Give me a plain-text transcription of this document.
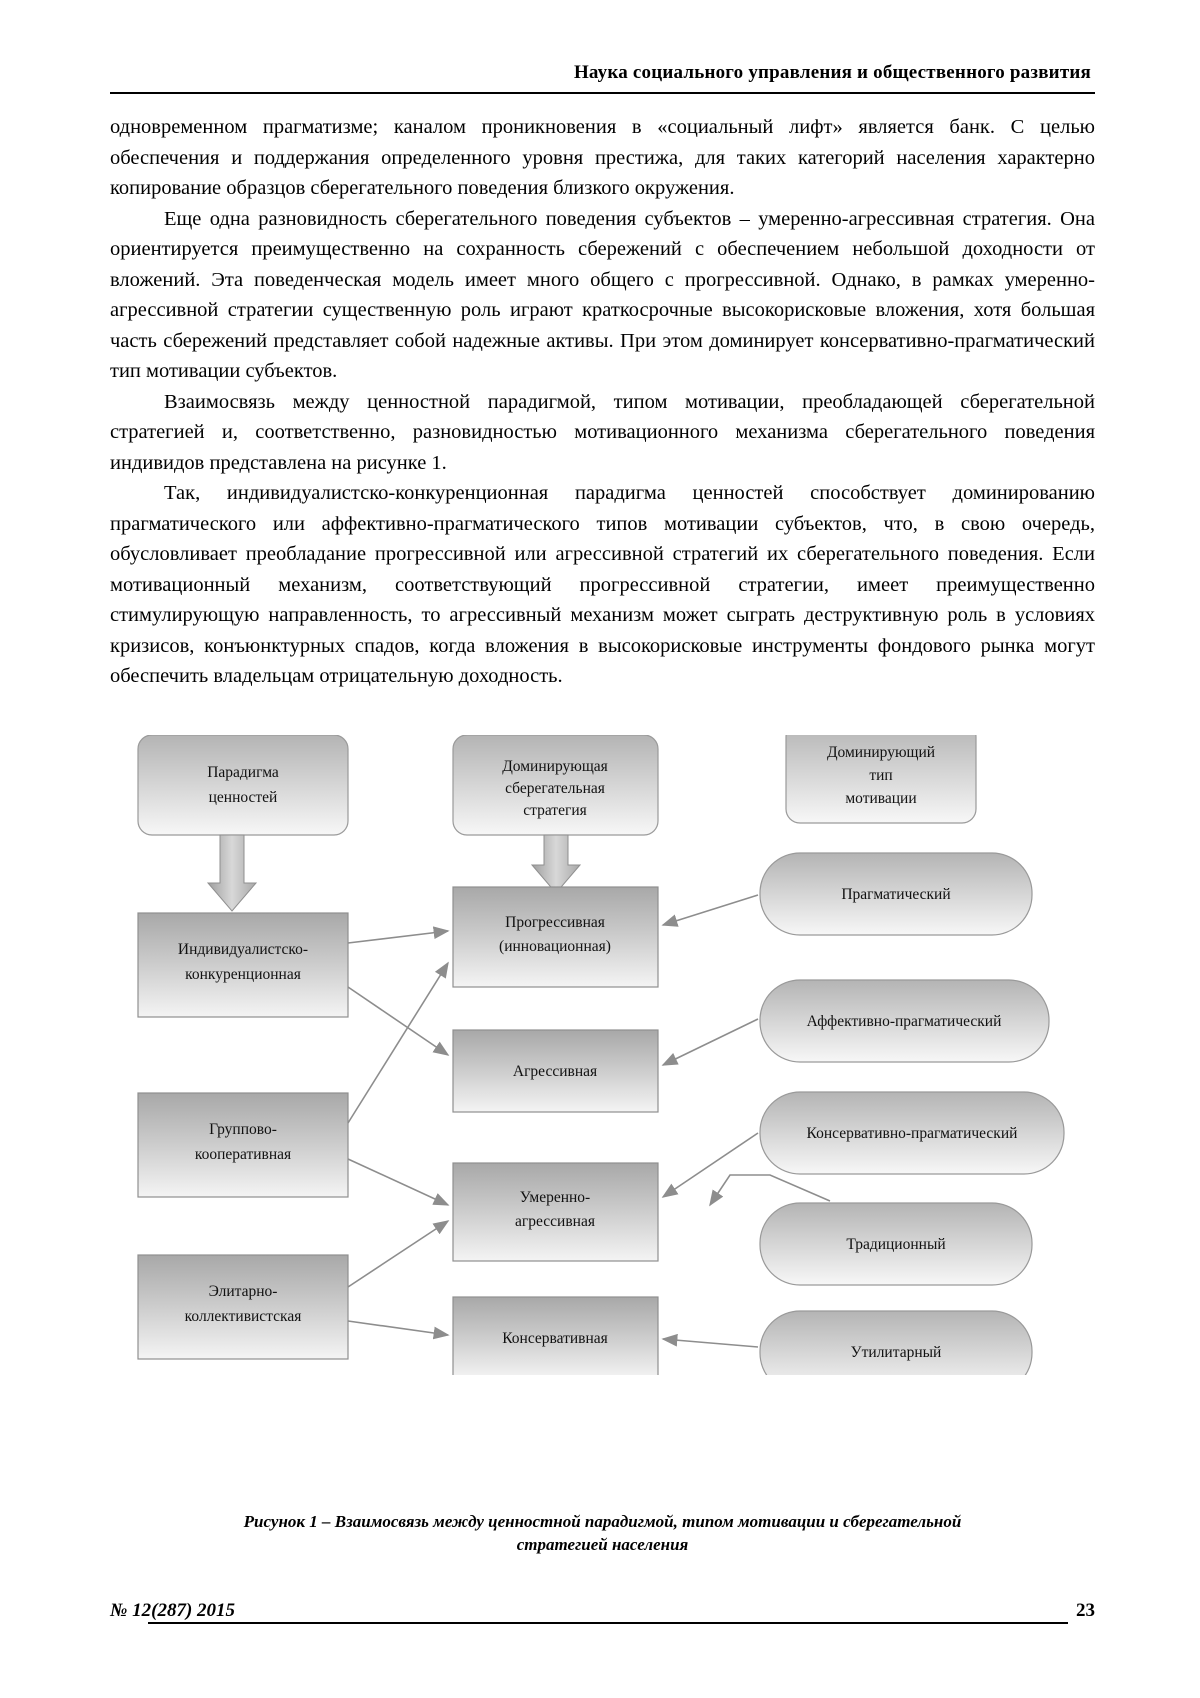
Наука социального управления и общественного развития

одновременном прагматизме; каналом проникновения в «социальный лифт» является банк. С целью обеспечения и поддержания определенного уровня престижа, для таких категорий населения характерно копирование образцов сберегательного поведения близкого окружения.

Еще одна разновидность сберегательного поведения субъектов – умеренно-агрессивная стратегия. Она ориентируется преимущественно на сохранность сбережений с обеспечением небольшой доходности от вложений. Эта поведенческая модель имеет много общего с прогрессивной. Однако, в рамках умеренно-агрессивной стратегии существенную роль играют краткосрочные высокорисковые вложения, хотя большая часть сбережений представляет собой надежные активы. При этом доминирует консервативно-прагматический тип мотивации субъектов.

Взаимосвязь между ценностной парадигмой, типом мотивации, преобладающей сберегательной стратегией и, соответственно, разновидностью мотивационного механизма сберегательного поведения индивидов представлена на рисунке 1.

Так, индивидуалистско-конкуренционная парадигма ценностей способствует доминированию прагматического или аффективно-прагматического типов мотивации субъектов, что, в свою очередь, обусловливает преобладание прогрессивной или агрессивной стратегий их сберегательного поведения. Если мотивационный механизм, соответствующий прогрессивной стратегии, имеет преимущественно стимулирующую направленность, то агрессивный механизм может сыграть деструктивную роль в условиях кризисов, конъюнктурных спадов, когда вложения в высокорисковые инструменты фондового рынка могут обеспечить владельцам отрицательную доходность.

Парадигма
ценностей
Доминирующая
сберегательная
стратегия
Доминирующий
тип
мотивации
Индивидуалистско-
конкуренционная
Группово-
кооперативная
Элитарно-
коллективистская
Прогрессивная
(инновационная)
Агрессивная
Умеренно-
агрессивная
Консервативная
Прагматический
Аффективно-прагматический
Консервативно-прагматический
Традиционный
Утилитарный
Рисунок 1 – Взаимосвязь между ценностной парадигмой, типом мотивации и сберегательной
стратегией населения
№ 12(287) 2015	23
